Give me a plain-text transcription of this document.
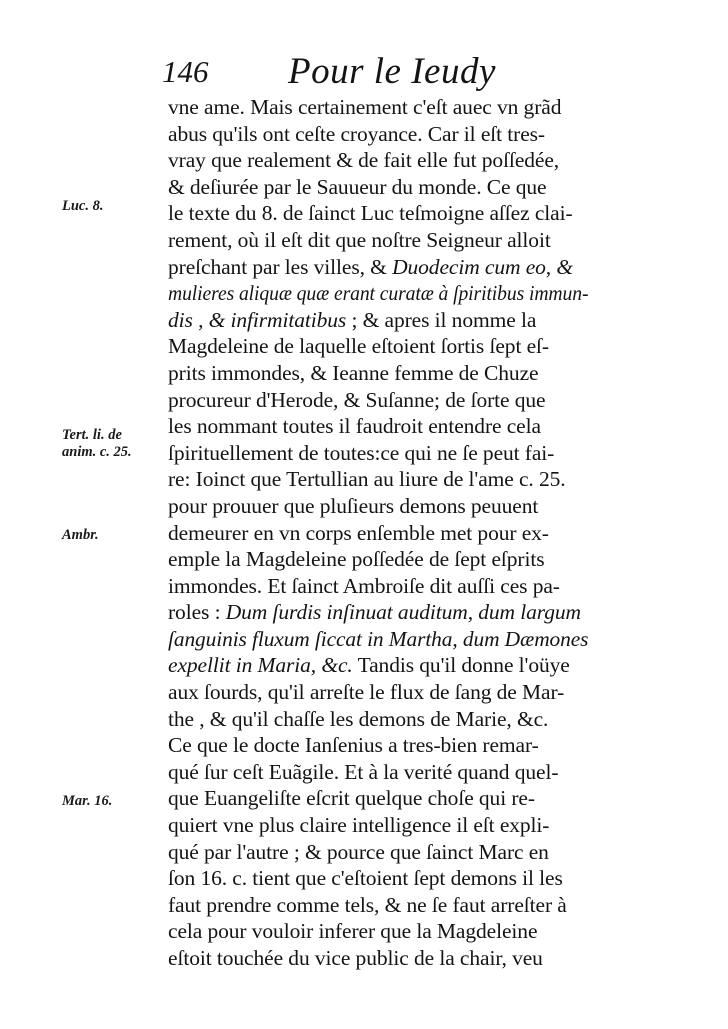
146 Pour le Ieudy
vne ame. Mais certainement c'eſt auec vn grãd
abus qu'ils ont ceſte croyance. Car il eſt tres-
vray que realement & de fait elle fut poſſedée,
& deſiurée par le Sauueur du monde. Ce que
le texte du 8. de ſainct Luc teſmoigne aſſez clai-
rement, où il eſt dit que noſtre Seigneur alloit
preſchant par les villes, & Duodecim cum eo, &
mulieres aliquæ quæ erant curatæ à ſpiritibus immun-
dis , & infirmitatibus ; & apres il nomme la
Magdeleine de laquelle eſtoient ſortis ſept eſ-
prits immondes, & Ieanne femme de Chuze
procureur d'Herode, & Suſanne; de ſorte que
les nommant toutes il faudroit entendre cela
ſpirituellement de toutes:ce qui ne ſe peut fai-
re: Ioinct que Tertullian au liure de l'ame c. 25.
pour prouuer que pluſieurs demons peuuent
demeurer en vn corps enſemble met pour ex-
emple la Magdeleine poſſedée de ſept eſprits
immondes. Et ſainct Ambroiſe dit auſſi ces pa-
roles : Dum ſurdis inſinuat auditum, dum largum
ſanguinis fluxum ſiccat in Martha, dum Dæmones
expellit in Maria, &c. Tandis qu'il donne l'oüye
aux ſourds, qu'il arreſte le flux de ſang de Mar-
the , & qu'il chaſſe les demons de Marie, &c.
Ce que le docte Ianſenius a tres-bien remar-
qué ſur ceſt Euãgile. Et à la verité quand quel-
que Euangeliſte eſcrit quelque choſe qui re-
quiert vne plus claire intelligence il eſt expli-
qué par l'autre ; & pource que ſainct Marc en
ſon 16. c. tient que c'eſtoient ſept demons il les
faut prendre comme tels, & ne ſe faut arreſter à
cela pour vouloir inferer que la Magdeleine
eſtoit touchée du vice public de la chair, veu
Luc. 8.
Tert. li. de
anim. c. 25.
Ambr.
Mar. 16.
